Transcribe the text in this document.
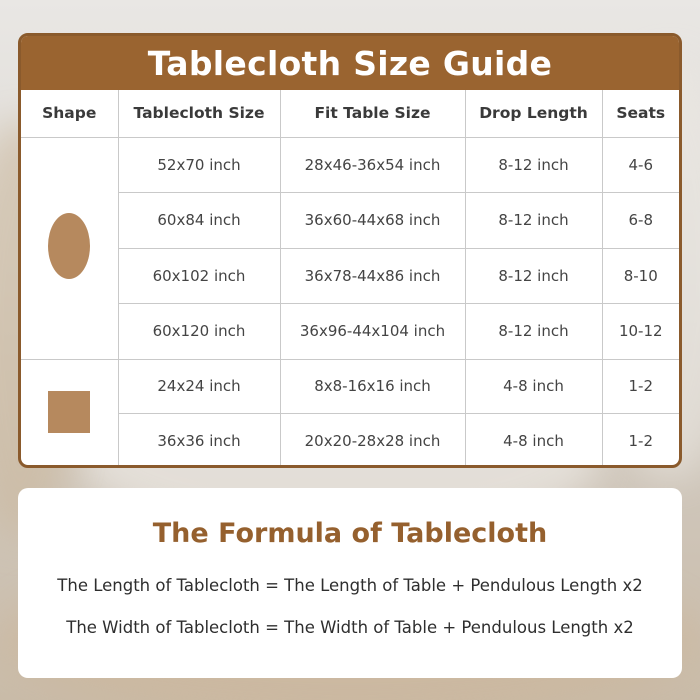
Tablecloth Size Guide
Shape	Tablecloth Size	Fit Table Size	Drop Length	Seats
	52x70 inch	28x46-36x54 inch	8-12 inch	4-6
	60x84 inch	36x60-44x68 inch	8-12 inch	6-8
	60x102 inch	36x78-44x86 inch	8-12 inch	8-10
	60x120 inch	36x96-44x104 inch	8-12 inch	10-12
	24x24 inch	8x8-16x16 inch	4-8 inch	1-2
	36x36 inch	20x20-28x28 inch	4-8 inch	1-2
The Formula of Tablecloth
The Length of Tablecloth = The Length of Table + Pendulous Length x2
The Width of Tablecloth = The Width of Table + Pendulous Length x2
